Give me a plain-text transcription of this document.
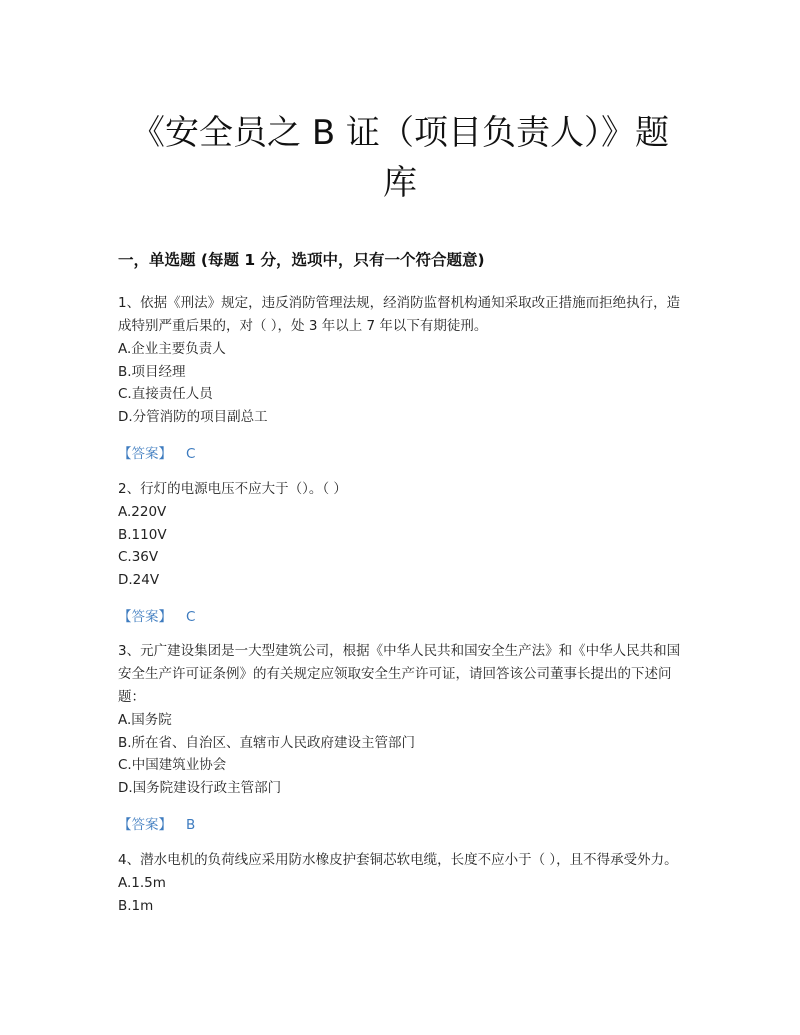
《安全员之 B 证（项目负责人）》题库
一，单选题 (每题 1 分，选项中，只有一个符合题意)

1、依据《刑法》规定，违反消防管理法规，经消防监督机构通知采取改正措施而拒绝执行，造成特别严重后果的，对（ ），处 3 年以上 7 年以下有期徒刑。

A.企业主要负责人

B.项目经理

C.直接责任人员

D.分管消防的项目副总工

【答案】 C

2、行灯的电源电压不应大于（）。（ ）

A.220V

B.110V

C.36V

D.24V

【答案】 C

3、元广建设集团是一大型建筑公司，根据《中华人民共和国安全生产法》和《中华人民共和国安全生产许可证条例》的有关规定应领取安全生产许可证，请回答该公司董事长提出的下述问题：

A.国务院

B.所在省、自治区、直辖市人民政府建设主管部门

C.中国建筑业协会

D.国务院建设行政主管部门

【答案】 B

4、潜水电机的负荷线应采用防水橡皮护套铜芯软电缆，长度不应小于（ ），且不得承受外力。

A.1.5m

B.1m
